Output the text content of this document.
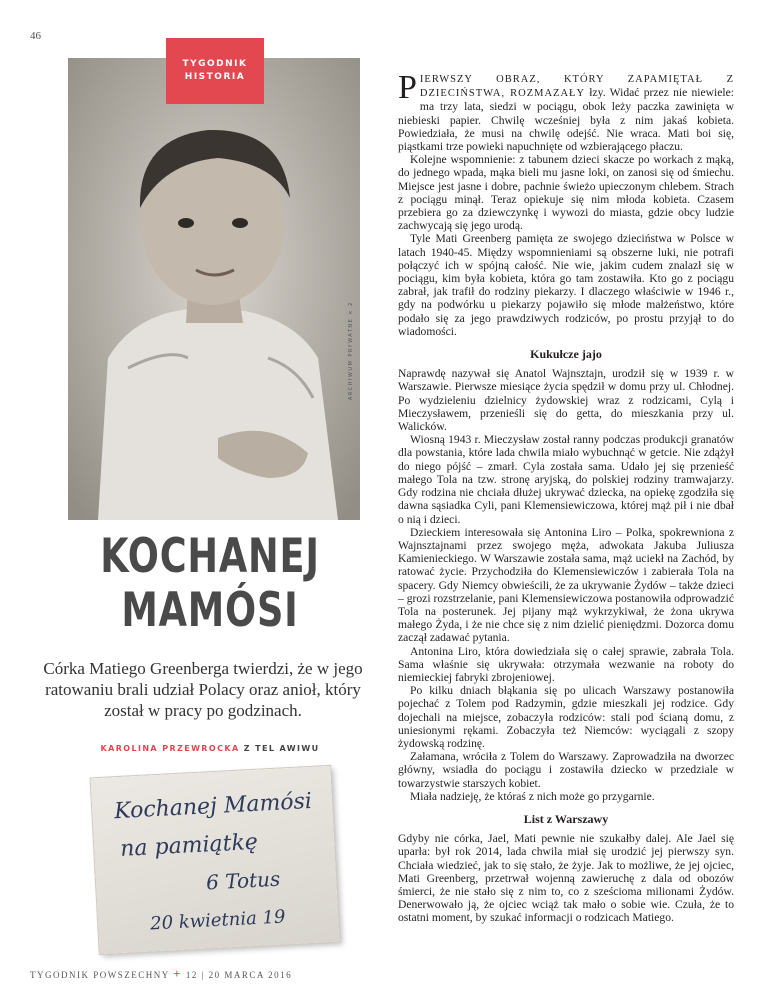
46
ARCHIWUM PRYWATNE × 2
TYGODNIK
HISTORIA
KOCHANEJ
MAMÓSI
Córka Matiego Greenberga twierdzi, że w jego ratowaniu brali udział Polacy oraz anioł, który został w pracy po godzinach.
KAROLINA PRZEWROCKA Z TEL AWIWU
Kochanej Mamósi
na pamiątkę
6 Totus
20 kwietnia 19
TYGODNIK POWSZECHNY + 12 | 20 MARCA 2016

PIERWSZY OBRAZ, KTÓRY ZAPAMIĘTAŁ Z DZIECIŃSTWA, ROZMAZAŁY łzy. Widać przez nie niewiele: ma trzy lata, siedzi w pociągu, obok leży paczka zawinięta w niebieski papier. Chwilę wcześniej była z nim jakaś kobieta. Powiedziała, że musi na chwilę odejść. Nie wraca. Mati boi się, piąstkami trze powieki napuchnięte od wzbierającego płaczu.

Kolejne wspomnienie: z tabunem dzieci skacze po workach z mąką, do jednego wpada, mąka bieli mu jasne loki, on zanosi się od śmiechu. Miejsce jest jasne i dobre, pachnie świeżo upieczonym chlebem. Strach z pociągu minął. Teraz opiekuje się nim młoda kobieta. Czasem przebiera go za dziewczynkę i wywozi do miasta, gdzie obcy ludzie zachwycają się jego urodą.

Tyle Mati Greenberg pamięta ze swojego dzieciństwa w Polsce w latach 1940-45. Między wspomnieniami są obszerne luki, nie potrafi połączyć ich w spójną całość. Nie wie, jakim cudem znalazł się w pociągu, kim była kobieta, która go tam zostawiła. Kto go z pociągu zabrał, jak trafił do rodziny piekarzy. I dlaczego właściwie w 1946 r., gdy na podwórku u piekarzy pojawiło się młode małżeństwo, które podało się za jego prawdziwych rodziców, po prostu przyjął to do wiadomości.

Kukułcze jajo

Naprawdę nazywał się Anatol Wajnsztajn, urodził się w 1939 r. w Warszawie. Pierwsze miesiące życia spędził w domu przy ul. Chłodnej. Po wydzieleniu dzielnicy żydowskiej wraz z rodzicami, Cylą i Mieczysławem, przenieśli się do getta, do mieszkania przy ul. Walicków.

Wiosną 1943 r. Mieczysław został ranny podczas produkcji granatów dla powstania, które lada chwila miało wybuchnąć w getcie. Nie zdążył do niego pójść – zmarł. Cyla została sama. Udało jej się przenieść małego Tola na tzw. stronę aryjską, do polskiej rodziny tramwajarzy. Gdy rodzina nie chciała dłużej ukrywać dziecka, na opiekę zgodziła się dawna sąsiadka Cyli, pani Klemensiewiczowa, której mąż pił i nie dbał o nią i dzieci.

Dzieckiem interesowała się Antonina Liro – Polka, spokrewniona z Wajnsztajnami przez swojego męża, adwokata Jakuba Juliusza Kamienieckiego. W Warszawie została sama, mąż uciekł na Zachód, by ratować życie. Przychodziła do Klemensiewiczów i zabierała Tola na spacery. Gdy Niemcy obwieścili, że za ukrywanie Żydów – także dzieci – grozi rozstrzelanie, pani Klemensiewiczowa postanowiła odprowadzić Tola na posterunek. Jej pijany mąż wykrzykiwał, że żona ukrywa małego Żyda, i że nie chce się z nim dzielić pieniędzmi. Dozorca domu zaczął zadawać pytania.

Antonina Liro, która dowiedziała się o całej sprawie, zabrała Tola. Sama właśnie się ukrywała: otrzymała wezwanie na roboty do niemieckiej fabryki zbrojeniowej.

Po kilku dniach błąkania się po ulicach Warszawy postanowiła pojechać z Tolem pod Radzymin, gdzie mieszkali jej rodzice. Gdy dojechali na miejsce, zobaczyła rodziców: stali pod ścianą domu, z uniesionymi rękami. Zobaczyła też Niemców: wyciągali z szopy żydowską rodzinę.

Załamana, wróciła z Tolem do Warszawy. Zaprowadziła na dworzec główny, wsiadła do pociągu i zostawiła dziecko w przedziale w towarzystwie starszych kobiet.

Miała nadzieję, że któraś z nich może go przygarnie.

List z Warszawy

Gdyby nie córka, Jael, Mati pewnie nie szukałby dalej. Ale Jael się uparła: był rok 2014, lada chwila miał się urodzić jej pierwszy syn. Chciała wiedzieć, jak to się stało, że żyje. Jak to możliwe, że jej ojciec, Mati Greenberg, przetrwał wojenną zawieruchę z dala od obozów śmierci, że nie stało się z nim to, co z sześcioma milionami Żydów. Denerwowało ją, że ojciec wciąż tak mało o sobie wie. Czuła, że to ostatni moment, by szukać informacji o rodzicach Matiego.
